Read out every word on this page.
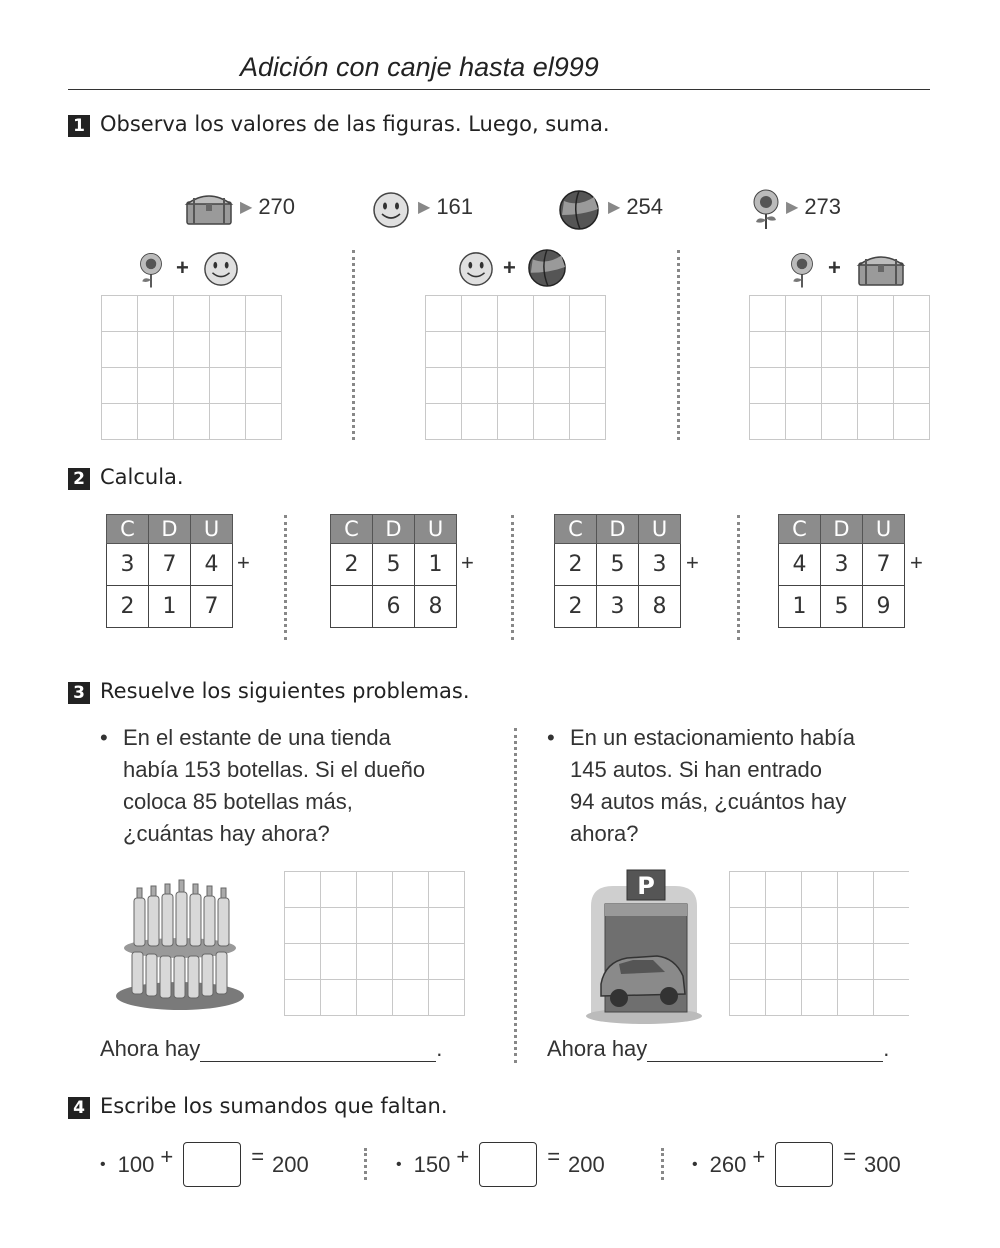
Adición con canje hasta el999
1 Observa los valores de las figuras. Luego, suma.
▶ 270	▶ 161	▶ 254	▶ 273
+	+	+

2 Calcula.
C	D	U
3	7	4
2	1	7
+
C	D	U
2	5	1
	6	8
+
C	D	U
2	5	3
2	3	8
+
C	D	U
4	3	7
1	5	9
+
3 Resuelve los siguientes problemas.
• En el estante de una tienda
había 153 botellas. Si el dueño
coloca 85 botellas más,
¿cuántas hay ahora?

Ahora hay	.
• En un estacionamiento había
145 autos. Si han entrado
94 autos más, ¿cuántos hay
ahora?
P

Ahora hay	.
4 Escribe los sumandos que faltan.
• 100 +	= 200	• 150 +	= 200	• 260 +	= 300
